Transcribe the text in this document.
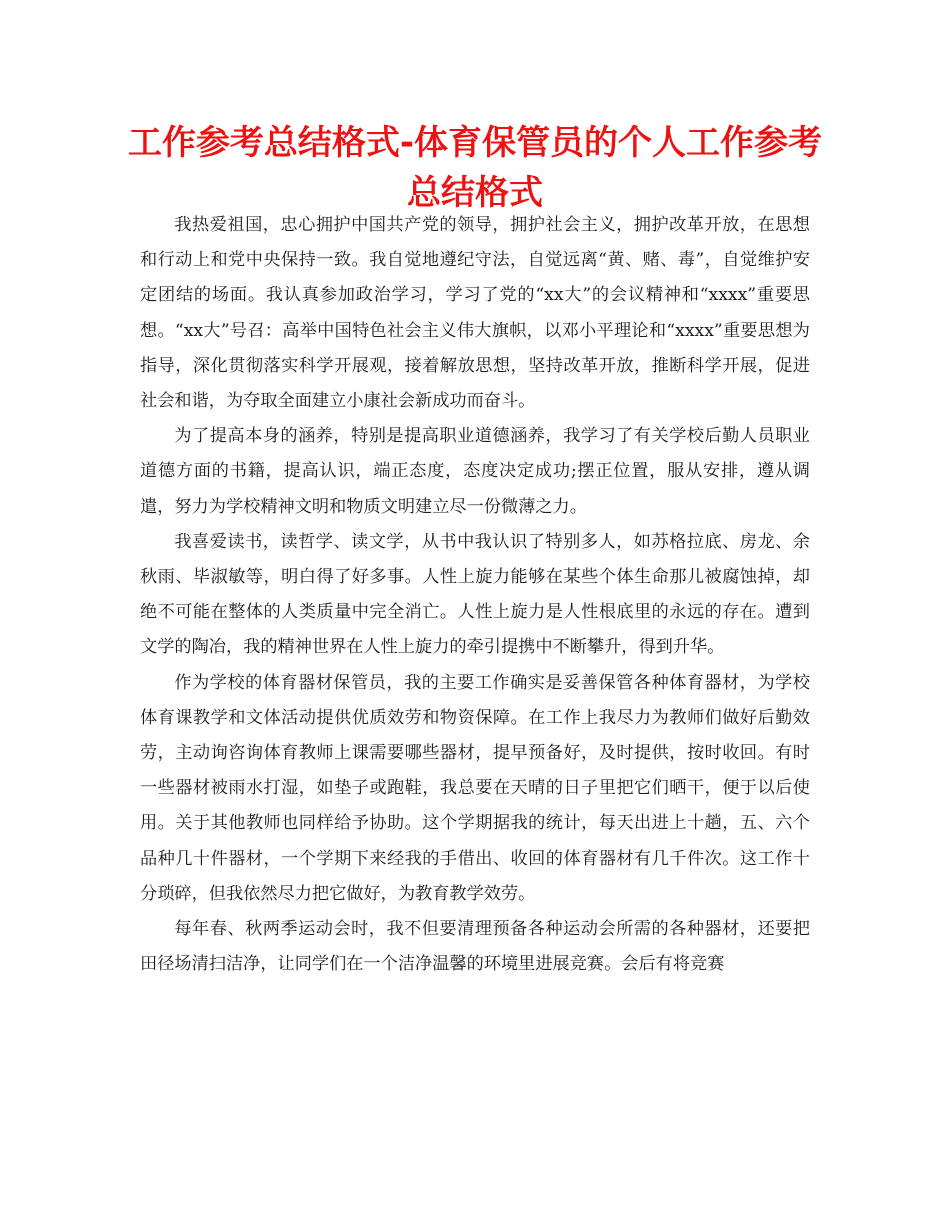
工作参考总结格式-体育保管员的个人工作参考总结格式

我热爱祖国，忠心拥护中国共产党的领导，拥护社会主义，拥护改革开放，在思想和行动上和党中央保持一致。我自觉地遵纪守法，自觉远离“黄、赌、毒”，自觉维护安定团结的场面。我认真参加政治学习，学习了党的“xx大”的会议精神和“xxxx”重要思想。“xx大”号召：高举中国特色社会主义伟大旗帜，以邓小平理论和“xxxx”重要思想为指导，深化贯彻落实科学开展观，接着解放思想，坚持改革开放，推断科学开展，促进社会和谐，为夺取全面建立小康社会新成功而奋斗。

为了提高本身的涵养，特别是提高职业道德涵养，我学习了有关学校后勤人员职业道德方面的书籍，提高认识，端正态度，态度决定成功;摆正位置，服从安排，遵从调遣，努力为学校精神文明和物质文明建立尽一份微薄之力。

我喜爱读书，读哲学、读文学，从书中我认识了特别多人，如苏格拉底、房龙、余秋雨、毕淑敏等，明白得了好多事。人性上旋力能够在某些个体生命那儿被腐蚀掉，却绝不可能在整体的人类质量中完全消亡。人性上旋力是人性根底里的永远的存在。遭到文学的陶冶，我的精神世界在人性上旋力的牵引提携中不断攀升，得到升华。

作为学校的体育器材保管员，我的主要工作确实是妥善保管各种体育器材，为学校体育课教学和文体活动提供优质效劳和物资保障。在工作上我尽力为教师们做好后勤效劳，主动询咨询体育教师上课需要哪些器材，提早预备好，及时提供，按时收回。有时一些器材被雨水打湿，如垫子或跑鞋，我总要在天晴的日子里把它们晒干，便于以后使用。关于其他教师也同样给予协助。这个学期据我的统计，每天出进上十趟，五、六个品种几十件器材，一个学期下来经我的手借出、收回的体育器材有几千件次。这工作十分琐碎，但我依然尽力把它做好，为教育教学效劳。

每年春、秋两季运动会时，我不但要清理预备各种运动会所需的各种器材，还要把田径场清扫洁净，让同学们在一个洁净温馨的环境里进展竞赛。会后有将竞赛
